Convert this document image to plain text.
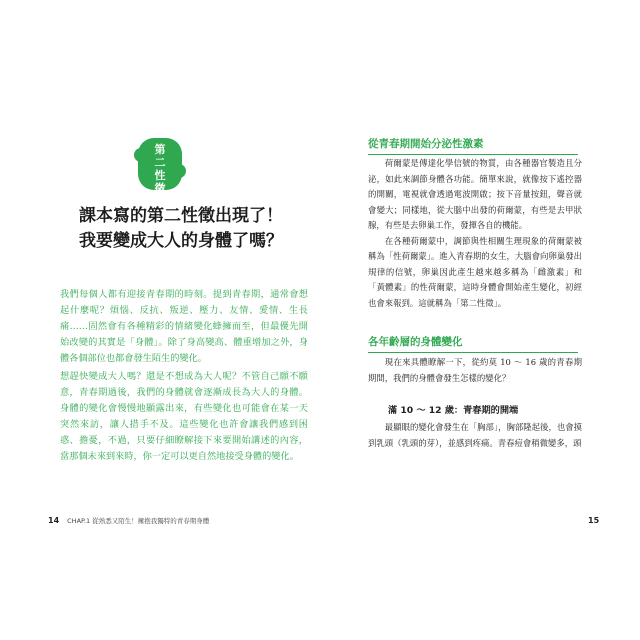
第
二
性
徵
課本寫的第二性徵出現了！
我要變成大人的身體了嗎？

我們每個人都有迎接青春期的時刻。提到青春期，通常會想起什麼呢？煩惱、反抗、叛逆、壓力、友情、愛情、生長痛……固然會有各種精彩的情緒變化蜂擁而至，但最優先開始改變的其實是「身體」。除了身高變高、體重增加之外，身體各個部位也都會發生陌生的變化。

想趕快變成大人嗎？還是不想成為大人呢？不管自己願不願意，青春期過後，我們的身體就會逐漸成長為大人的身體。身體的變化會慢慢地顯露出來，有些變化也可能會在某一天突然來訪，讓人措手不及。這些變化也許會讓我們感到困惑、擔憂，不過，只要仔細瞭解接下來要開始講述的內容，當那個未來到來時，你一定可以更自然地接受身體的變化。

14 CHAP.1 從熟悉又陌生！擁抱我獨特的青春期身體
從青春期開始分泌性激素

荷爾蒙是傳達化學信號的物質，由各種器官製造且分泌，如此來調節身體各功能。簡單來說，就像按下遙控器的開關，電視就會透過電波開啟；按下音量按鈕，聲音就會變大；同樣地，從大腦中出發的荷爾蒙，有些是去甲狀腺，有些是去卵巢工作，發揮各自的機能。

在各種荷爾蒙中，調節與性相關生理現象的荷爾蒙被稱為「性荷爾蒙」。進入青春期的女生，大腦會向卵巢發出規律的信號，卵巢因此產生越來越多稱為「雌激素」和「黃體素」的性荷爾蒙，這時身體會開始產生變化，初經也會來報到。這就稱為「第二性徵」。

各年齡層的身體變化

現在來具體瞭解一下，從約莫 10 ～ 16 歲的青春期期間，我們的身體會發生怎樣的變化？

滿 10 ～ 12 歲：青春期的開端

最顯眼的變化會發生在「胸部」，胸部隆起後，也會摸到乳頭（乳頭的芽），並感到疼痛。青春痘會稍微變多，頭

15
